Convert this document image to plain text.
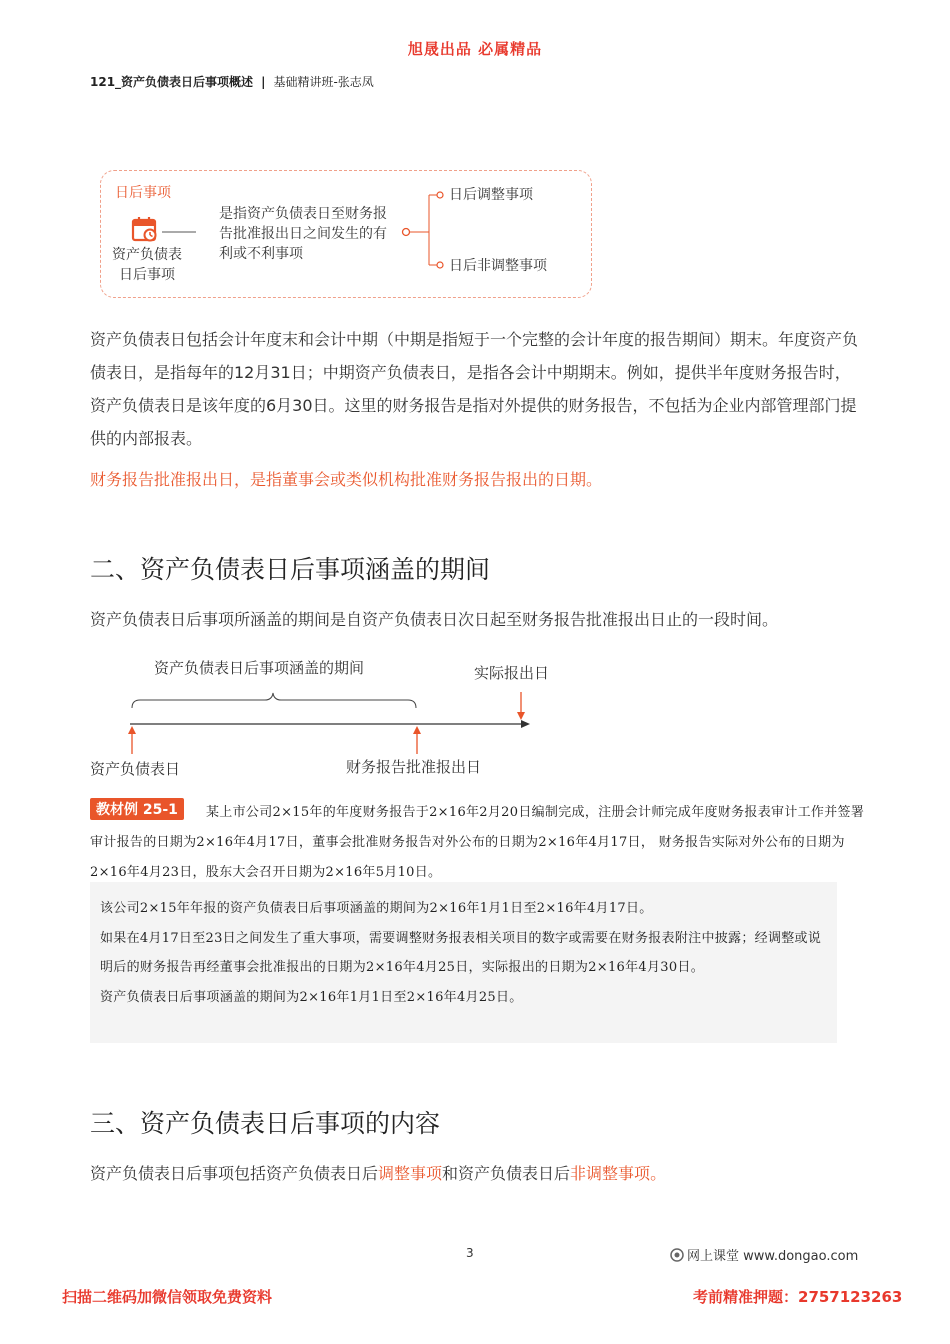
旭晟出品 必属精品
121_资产负债表日后事项概述 | 基础精讲班-张志凤
日后事项
资产负债表
日后事项
是指资产负债表日至财务报告批准报出日之间发生的有利或不利事项
日后调整事项
日后非调整事项
资产负债表日包括会计年度末和会计中期（中期是指短于一个完整的会计年度的报告期间）期末。年度资产负债表日，是指每年的12月31日；中期资产负债表日，是指各会计中期期末。例如，提供半年度财务报告时，资产负债表日是该年度的6月30日。这里的财务报告是指对外提供的财务报告，不包括为企业内部管理部门提供的内部报表。
财务报告批准报出日，是指董事会或类似机构批准财务报告报出的日期。
二、资产负债表日后事项涵盖的期间
资产负债表日后事项所涵盖的期间是自资产负债表日次日起至财务报告批准报出日止的一段时间。
资产负债表日后事项涵盖的期间	实际报出日
资产负债表日	财务报告批准报出日
某上市公司2×15年的年度财务报告于2×16年2月20日编制完成，注册会计师完成年度财务报表审计工作并签署审计报告的日期为2×16年4月17日，董事会批准财务报告对外公布的日期为2×16年4月17日， 财务报告实际对外公布的日期为2×16年4月23日，股东大会召开日期为2×16年5月10日。
教材例 25-1
该公司2×15年年报的资产负债表日后事项涵盖的期间为2×16年1月1日至2×16年4月17日。
如果在4月17日至23日之间发生了重大事项，需要调整财务报表相关项目的数字或需要在财务报表附注中披露；经调整或说明后的财务报告再经董事会批准报出的日期为2×16年4月25日，实际报出的日期为2×16年4月30日。
资产负债表日后事项涵盖的期间为2×16年1月1日至2×16年4月25日。
三、资产负债表日后事项的内容
资产负债表日后事项包括资产负债表日后调整事项和资产负债表日后非调整事项。
3	网上课堂 www.dongao.com
扫描二维码加微信领取免费资料	考前精准押题：2757123263
